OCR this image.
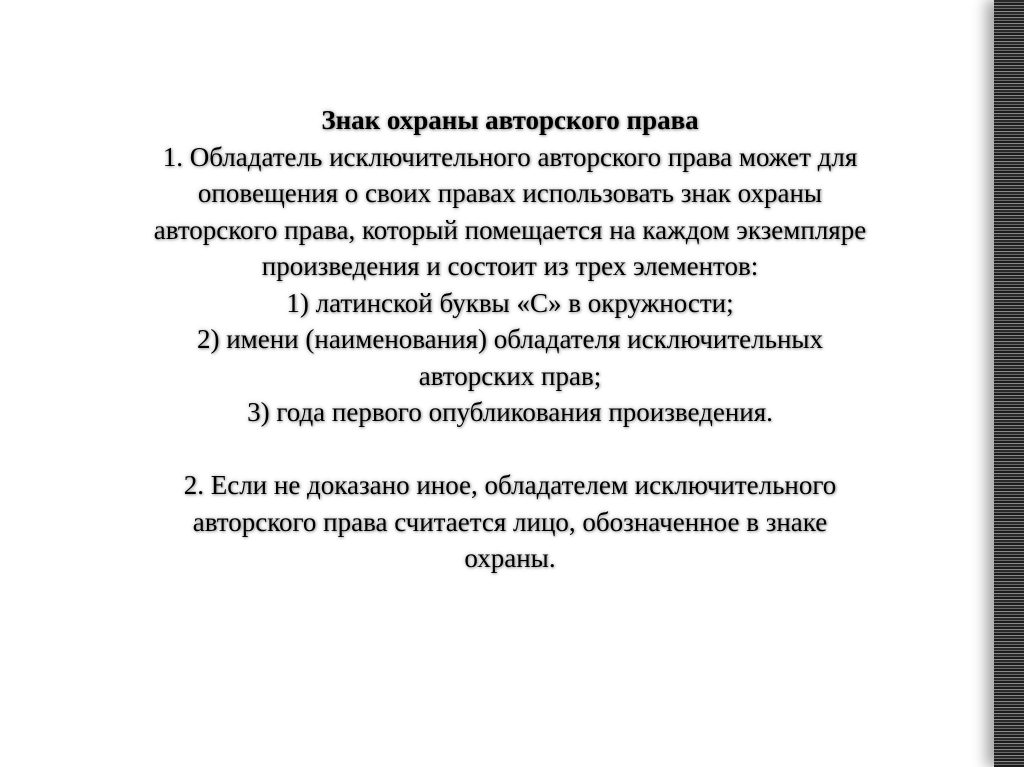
Знак охраны авторского права
1. Обладатель исключительного авторского права может для
оповещения о своих правах использовать знак охраны
авторского права, который помещается на каждом экземпляре
произведения и состоит из трех элементов:
1) латинской буквы «С» в окружности;
2) имени (наименования) обладателя исключительных
авторских прав;
3) года первого опубликования произведения.
2. Если не доказано иное, обладателем исключительного
авторского права считается лицо, обозначенное в знаке
охраны.
